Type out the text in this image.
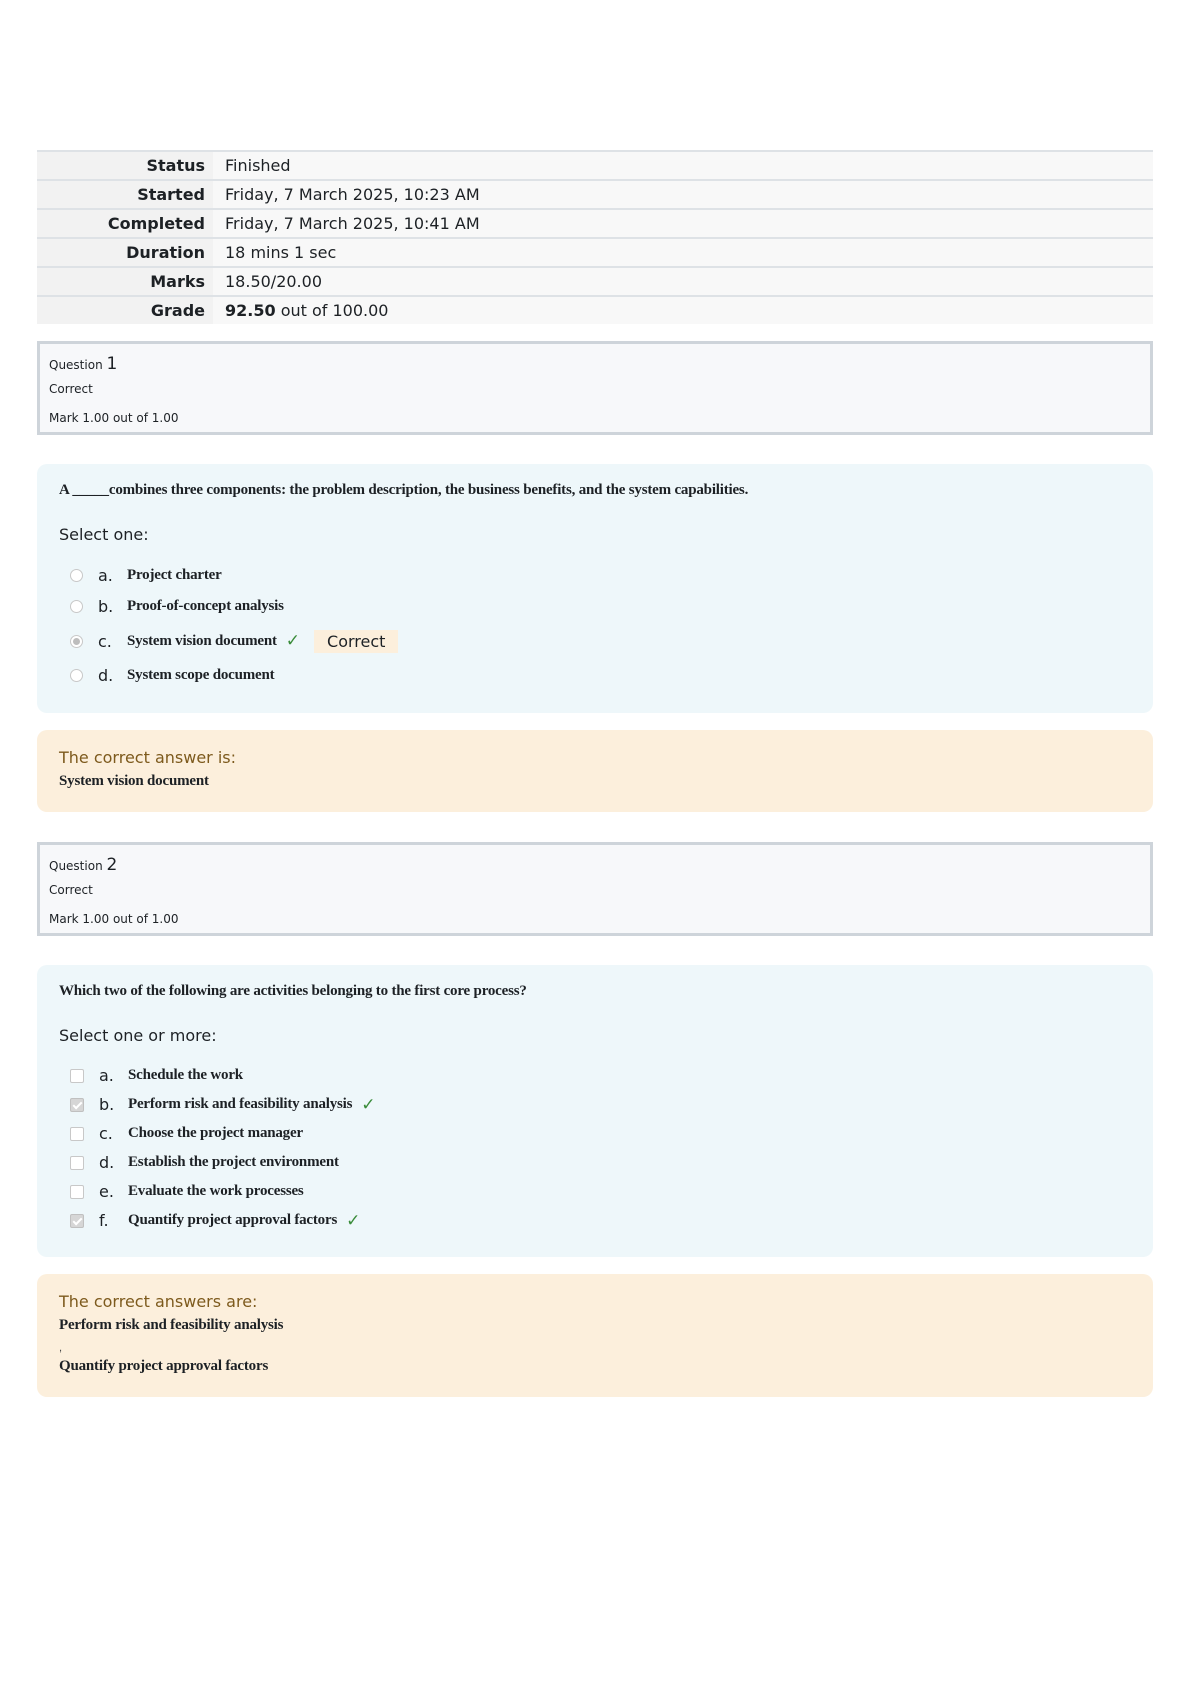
Status	Finished
Started	Friday, 7 March 2025, 10:23 AM
Completed	Friday, 7 March 2025, 10:41 AM
Duration	18 mins 1 sec
Marks	18.50/20.00
Grade	92.50 out of 100.00
Question 1
Correct
Mark 1.00 out of 1.00
A _____combines three components: the problem description, the business benefits, and the system capabilities.
Select one:
a. Project charter
b. Proof-of-concept analysis
c.	System vision document ✓	Correct
d. System scope document
The correct answer is:
System vision document
Question 2
Correct
Mark 1.00 out of 1.00
Which two of the following are activities belonging to the first core process?
Select one or more:
a. Schedule the work
b. Perform risk and feasibility analysis ✓
c.	Choose the project manager
d. Establish the project environment
e. Evaluate the work processes
f.	Quantify project approval factors ✓
The correct answers are:
Perform risk and feasibility analysis
,
Quantify project approval factors
